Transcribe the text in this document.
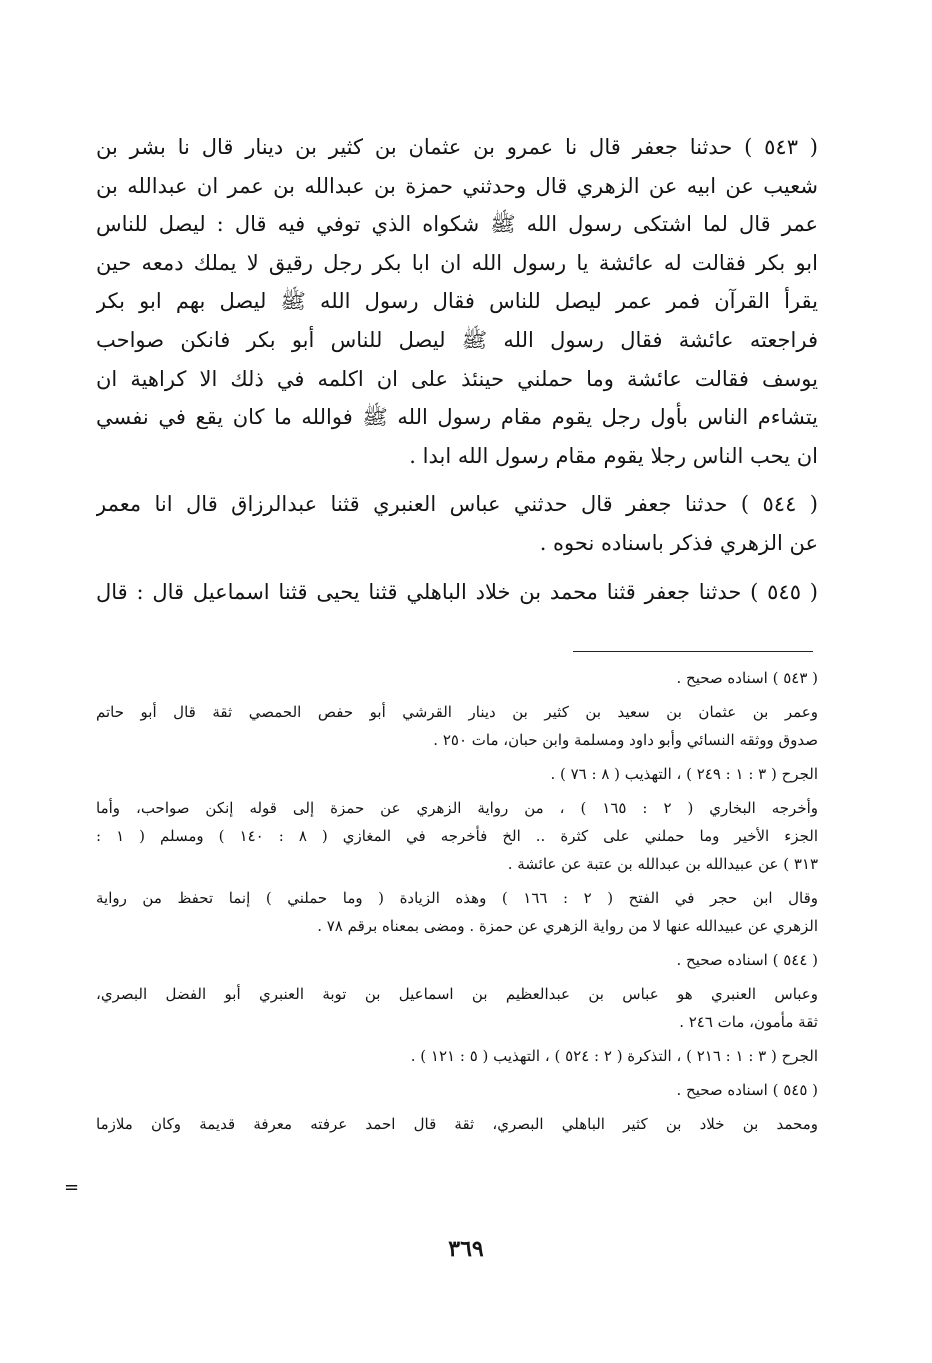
( ٥٤٣ ) حدثنا جعفر قال نا عمرو بن عثمان بن كثير بن دينار قال نا بشر بن
شعيب عن ابيه عن الزهري قال وحدثني حمزة بن عبدالله بن عمر ان عبدالله بن
عمر قال لما اشتكى رسول الله ﷺ شكواه الذي توفي فيه قال : ليصل للناس
ابو بكر فقالت له عائشة يا رسول الله ان ابا بكر رجل رقيق لا يملك دمعه حين
يقرأ القرآن فمر عمر ليصل للناس فقال رسول الله ﷺ ليصل بهم ابو بكر
فراجعته عائشة فقال رسول الله ﷺ ليصل للناس أبو بكر فانكن صواحب
يوسف فقالت عائشة وما حملني حينئذ على ان اكلمه في ذلك الا كراهية ان
يتشاءم الناس بأول رجل يقوم مقام رسول الله ﷺ فوالله ما كان يقع في نفسي
ان يحب الناس رجلا يقوم مقام رسول الله ابدا .
( ٥٤٤ ) حدثنا جعفر قال حدثني عباس العنبري قثنا عبدالرزاق قال انا معمر
عن الزهري فذكر باسناده نحوه .
( ٥٤٥ ) حدثنا جعفر قثنا محمد بن خلاد الباهلي قثنا يحيى قثنا اسماعيل قال : قال
( ٥٤٣ ) اسناده صحيح .
وعمر بن عثمان بن سعيد بن كثير بن دينار القرشي أبو حفص الحمصي ثقة قال أبو حاتم
صدوق ووثقه النسائي وأبو داود ومسلمة وابن حبان، مات ٢٥٠ .
الجرح ( ٣ : ١ : ٢٤٩ ) ، التهذيب ( ٨ : ٧٦ ) .
وأخرجه البخاري ( ٢ : ١٦٥ ) ، من رواية الزهري عن حمزة إلى قوله إنكن صواحب، وأما
الجزء الأخير وما حملني على كثرة .. الخ فأخرجه في المغازي ( ٨ : ١٤٠ ) ومسلم ( ١ :
٣١٣ ) عن عبيدالله بن عبدالله بن عتبة عن عائشة .
وقال ابن حجر في الفتح ( ٢ : ١٦٦ ) وهذه الزيادة ( وما حملني ) إنما تحفظ من رواية
الزهري عن عبيدالله عنها لا من رواية الزهري عن حمزة . ومضى بمعناه برقم ٧٨ .
( ٥٤٤ ) اسناده صحيح .
وعباس العنبري هو عباس بن عبدالعظيم بن اسماعيل بن توبة العنبري أبو الفضل البصري،
ثقة مأمون، مات ٢٤٦ .
الجرح ( ٣ : ١ : ٢١٦ ) ، التذكرة ( ٢ : ٥٢٤ ) ، التهذيب ( ٥ : ١٢١ ) .
( ٥٤٥ ) اسناده صحيح .
ومحمد بن خلاد بن كثير الباهلي البصري، ثقة قال احمد عرفته معرفة قديمة وكان ملازما
=
٣٦٩
